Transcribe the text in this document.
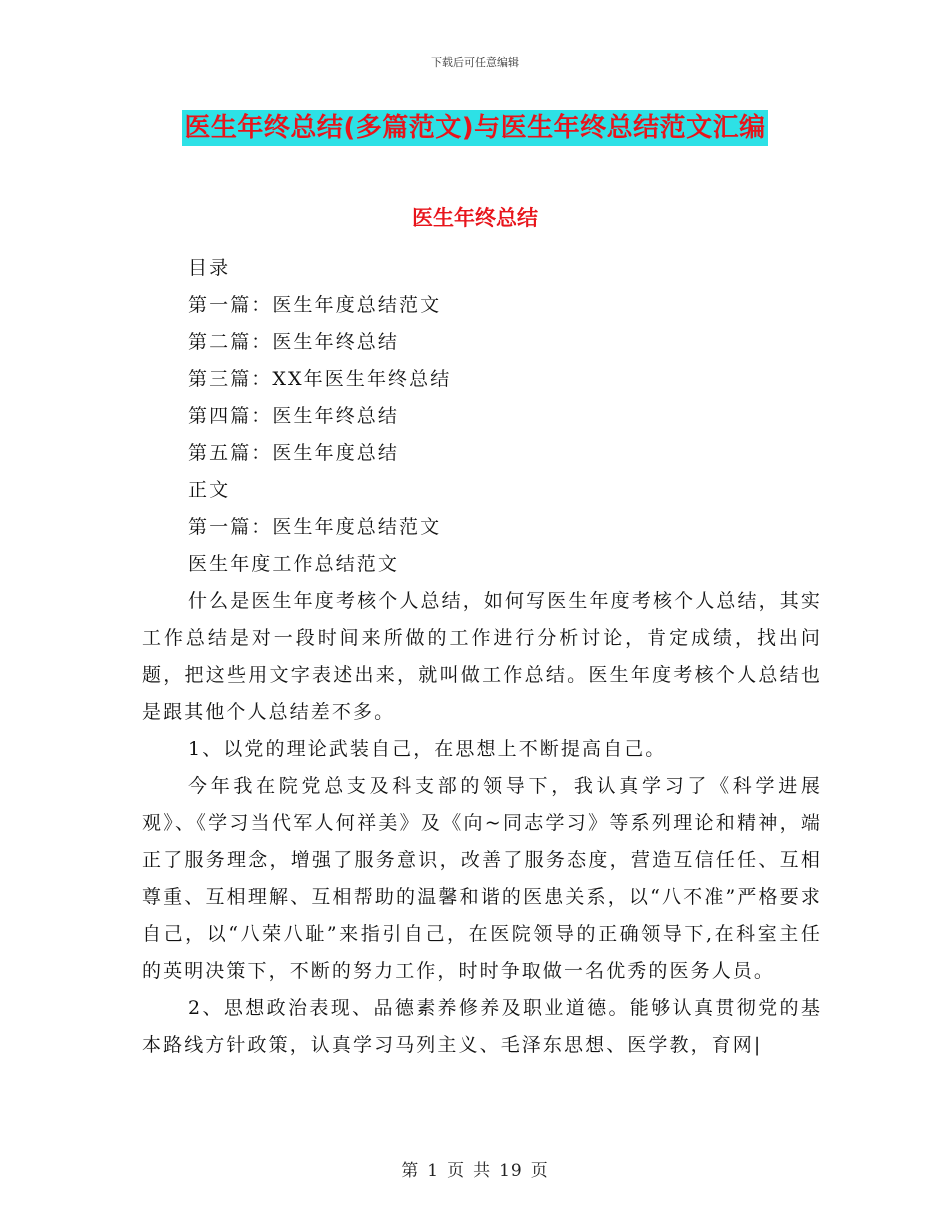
下载后可任意编辑
医生年终总结(多篇范文)与医生年终总结范文汇编
医生年终总结
目录
第一篇：医生年度总结范文
第二篇：医生年终总结
第三篇：XX年医生年终总结
第四篇：医生年终总结
第五篇：医生年度总结
正文
第一篇：医生年度总结范文
医生年度工作总结范文

什么是医生年度考核个人总结，如何写医生年度考核个人总结，其实工作总结是对一段时间来所做的工作进行分析讨论，肯定成绩，找出问题，把这些用文字表述出来，就叫做工作总结。医生年度考核个人总结也是跟其他个人总结差不多。

1、以党的理论武装自己，在思想上不断提高自己。

今年我在院党总支及科支部的领导下，我认真学习了《科学进展观》、《学习当代军人何祥美》及《向~同志学习》等系列理论和精神，端正了服务理念，增强了服务意识，改善了服务态度，营造互信任任、互相尊重、互相理解、互相帮助的温馨和谐的医患关系，以“八不准”严格要求自己，以“八荣八耻”来指引自己，在医院领导的正确领导下,在科室主任的英明决策下，不断的努力工作，时时争取做一名优秀的医务人员。

2、思想政治表现、品德素养修养及职业道德。能够认真贯彻党的基本路线方针政策，认真学习马列主义、毛泽东思想、医学教，育网|

第 1 页 共 19 页
